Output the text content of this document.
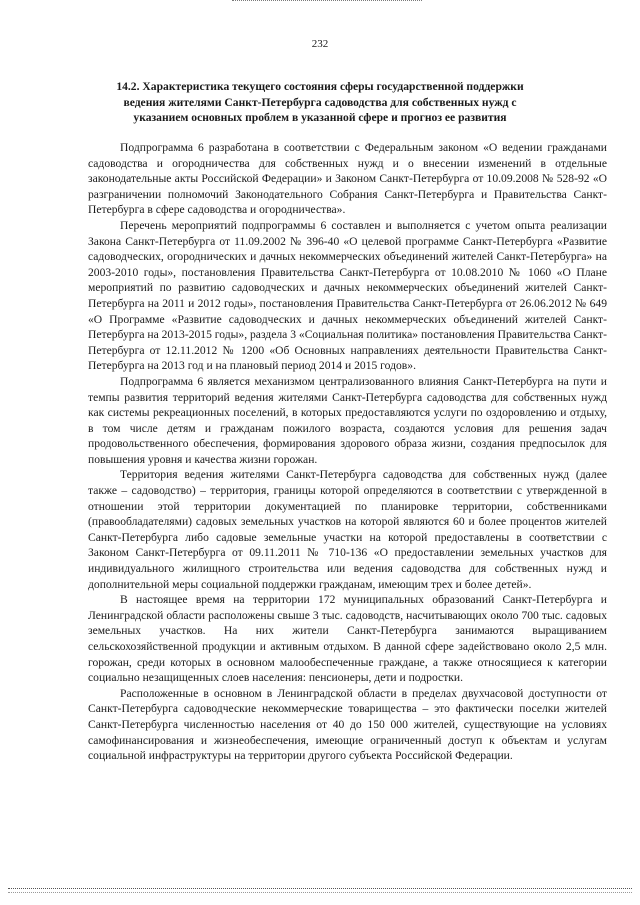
232
14.2. Характеристика текущего состояния сферы государственной поддержки ведения жителями Санкт-Петербурга садоводства для собственных нужд с указанием основных проблем в указанной сфере и прогноз ее развития

Подпрограмма 6 разработана в соответствии с Федеральным законом «О ведении гражданами садоводства и огородничества для собственных нужд и о внесении изменений в отдельные законодательные акты Российской Федерации» и Законом Санкт-Петербурга от 10.09.2008 № 528-92 «О разграничении полномочий Законодательного Собрания Санкт-Петербурга и Правительства Санкт-Петербурга в сфере садоводства и огородничества».

Перечень мероприятий подпрограммы 6 составлен и выполняется с учетом опыта реализации Закона Санкт-Петербурга от 11.09.2002 № 396-40 «О целевой программе Санкт-Петербурга «Развитие садоводческих, огороднических и дачных некоммерческих объединений жителей Санкт-Петербурга» на 2003-2010 годы», постановления Правительства Санкт-Петербурга от 10.08.2010 № 1060 «О Плане мероприятий по развитию садоводческих и дачных некоммерческих объединений жителей Санкт-Петербурга на 2011 и 2012 годы», постановления Правительства Санкт-Петербурга от 26.06.2012 № 649 «О Программе «Развитие садоводческих и дачных некоммерческих объединений жителей Санкт-Петербурга на 2013-2015 годы», раздела 3 «Социальная политика» постановления Правительства Санкт-Петербурга от 12.11.2012 № 1200 «Об Основных направлениях деятельности Правительства Санкт-Петербурга на 2013 год и на плановый период 2014 и 2015 годов».

Подпрограмма 6 является механизмом централизованного влияния Санкт-Петербурга на пути и темпы развития территорий ведения жителями Санкт-Петербурга садоводства для собственных нужд как системы рекреационных поселений, в которых предоставляются услуги по оздоровлению и отдыху, в том числе детям и гражданам пожилого возраста, создаются условия для решения задач продовольственного обеспечения, формирования здорового образа жизни, создания предпосылок для повышения уровня и качества жизни горожан.

Территория ведения жителями Санкт-Петербурга садоводства для собственных нужд (далее также – садоводство) – территория, границы которой определяются в соответствии с утвержденной в отношении этой территории документацией по планировке территории, собственниками (правообладателями) садовых земельных участков на которой являются 60 и более процентов жителей Санкт-Петербурга либо садовые земельные участки на которой предоставлены в соответствии с Законом Санкт-Петербурга от 09.11.2011 № 710-136 «О предоставлении земельных участков для индивидуального жилищного строительства или ведения садоводства для собственных нужд и дополнительной меры социальной поддержки гражданам, имеющим трех и более детей».

В настоящее время на территории 172 муниципальных образований Санкт-Петербурга и Ленинградской области расположены свыше 3 тыс. садоводств, насчитывающих около 700 тыс. садовых земельных участков. На них жители Санкт-Петербурга занимаются выращиванием сельскохозяйственной продукции и активным отдыхом. В данной сфере задействовано около 2,5 млн. горожан, среди которых в основном малообеспеченные граждане, а также относящиеся к категории социально незащищенных слоев населения: пенсионеры, дети и подростки.

Расположенные в основном в Ленинградской области в пределах двухчасовой доступности от Санкт-Петербурга садоводческие некоммерческие товарищества – это фактически поселки жителей Санкт-Петербурга численностью населения от 40 до 150 000 жителей, существующие на условиях самофинансирования и жизнеобеспечения, имеющие ограниченный доступ к объектам и услугам социальной инфраструктуры на территории другого субъекта Российской Федерации.
